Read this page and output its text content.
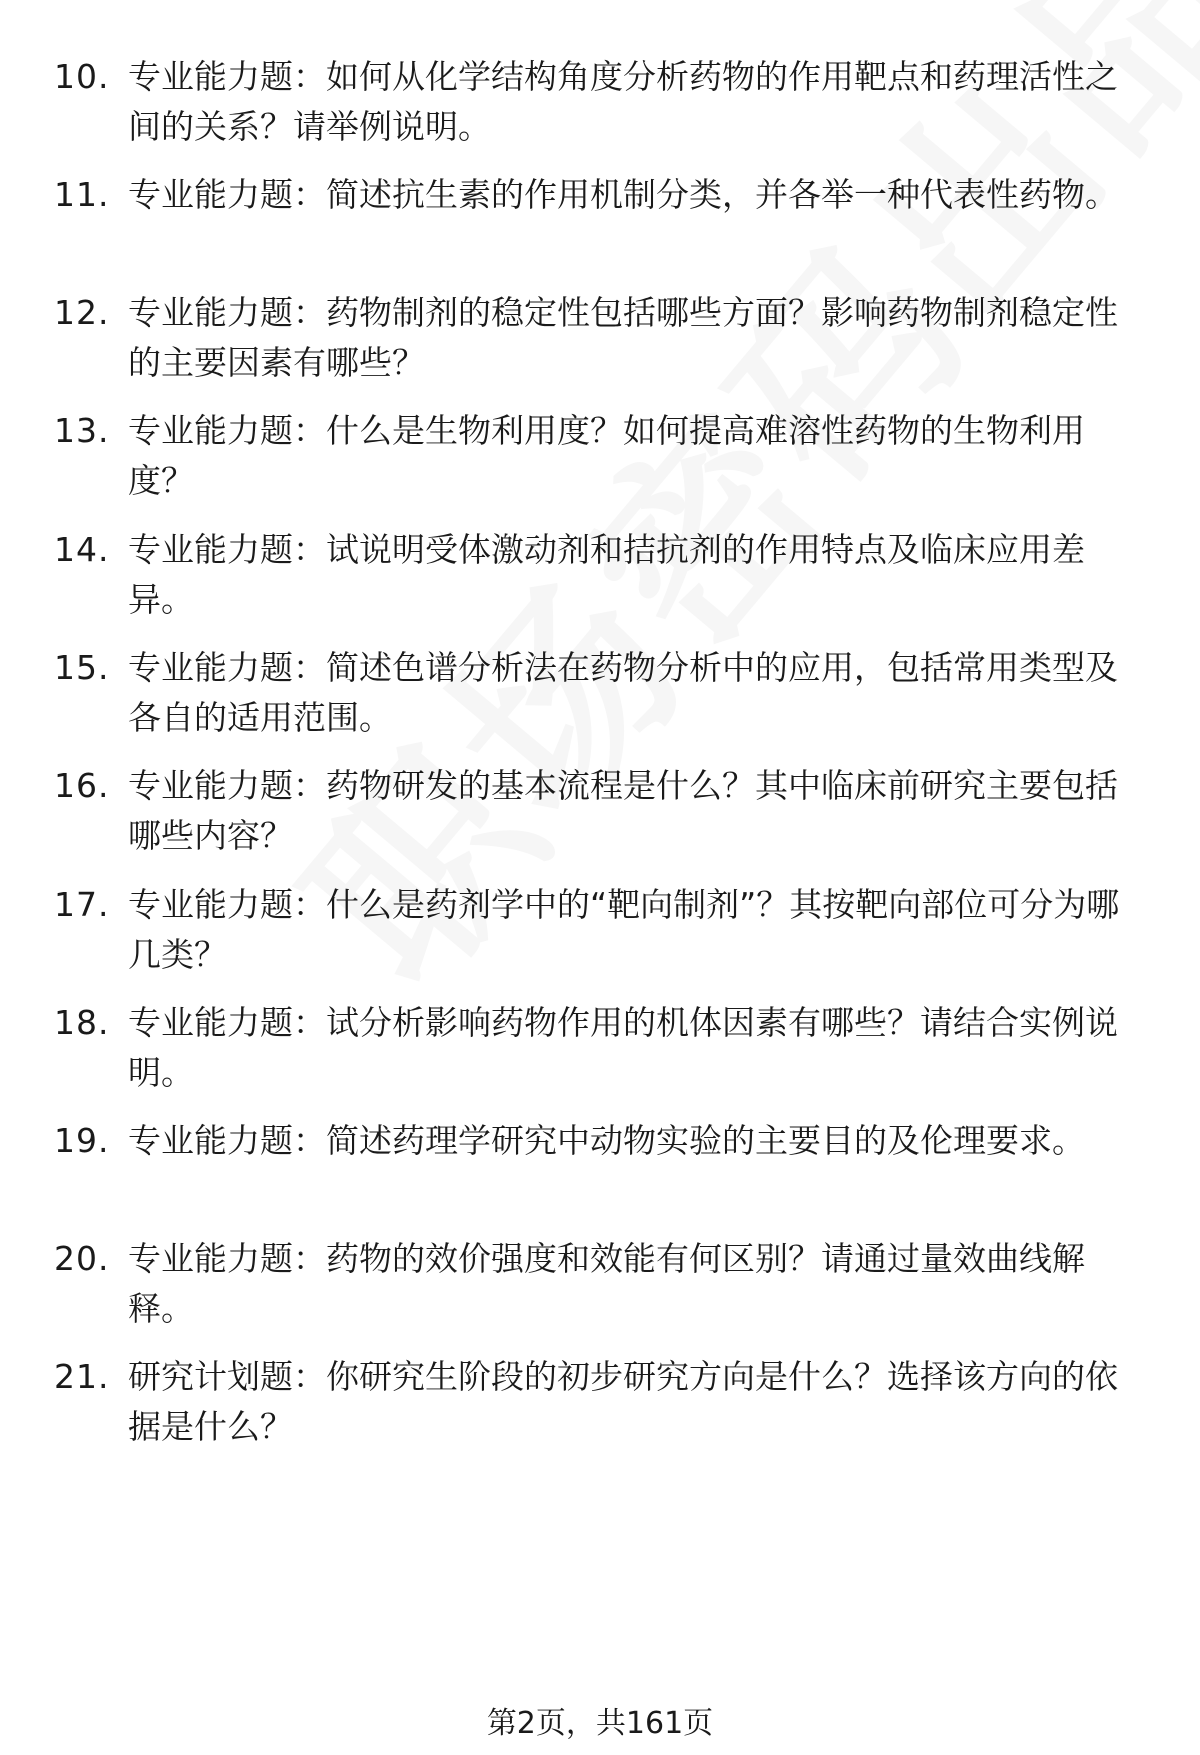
10. 专业能力题：如何从化学结构角度分析药物的作用靶点和药理活性之间的关系？请举例说明。
11. 专业能力题：简述抗生素的作用机制分类，并各举一种代表性药物。
12. 专业能力题：药物制剂的稳定性包括哪些方面？影响药物制剂稳定性的主要因素有哪些？
13. 专业能力题：什么是生物利用度？如何提高难溶性药物的生物利用度？
14. 专业能力题：试说明受体激动剂和拮抗剂的作用特点及临床应用差异。
15. 专业能力题：简述色谱分析法在药物分析中的应用，包括常用类型及各自的适用范围。
16. 专业能力题：药物研发的基本流程是什么？其中临床前研究主要包括哪些内容？
17. 专业能力题：什么是药剂学中的“靶向制剂”？其按靶向部位可分为哪几类？
18. 专业能力题：试分析影响药物作用的机体因素有哪些？请结合实例说明。
19. 专业能力题：简述药理学研究中动物实验的主要目的及伦理要求。
20. 专业能力题：药物的效价强度和效能有何区别？请通过量效曲线解释。
21. 研究计划题：你研究生阶段的初步研究方向是什么？选择该方向的依据是什么？
第2页，共161页
